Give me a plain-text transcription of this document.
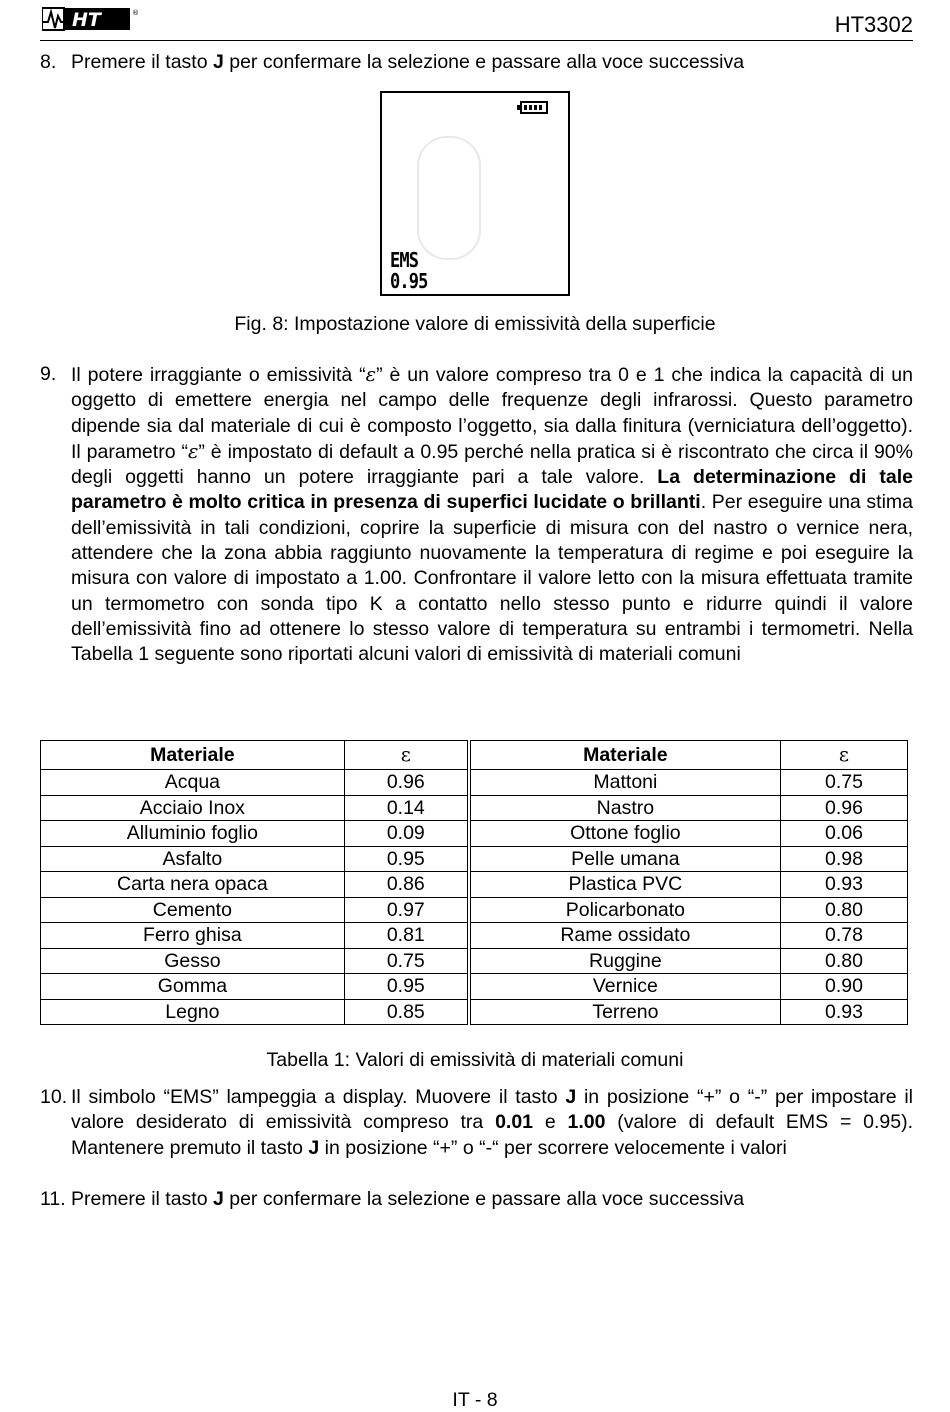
HT	®	HT3302
8. Premere il tasto J per confermare la selezione e passare alla voce successiva
EMS
0.95
Fig. 8: Impostazione valore di emissività della superficie
9. Il potere irraggiante o emissività “ε” è un valore compreso tra 0 e 1 che indica la capacità di un oggetto di emettere energia nel campo delle frequenze degli infrarossi. Questo parametro dipende sia dal materiale di cui è composto l’oggetto, sia dalla finitura (verniciatura dell’oggetto). Il parametro “ε” è impostato di default a 0.95 perché nella pratica si è riscontrato che circa il 90% degli oggetti hanno un potere irraggiante pari a tale valore. La determinazione di tale parametro è molto critica in presenza di superfici lucidate o brillanti. Per eseguire una stima dell’emissività in tali condizioni, coprire la superficie di misura con del nastro o vernice nera, attendere che la zona abbia raggiunto nuovamente la temperatura di regime e poi eseguire la misura con valore di impostato a 1.00. Confrontare il valore letto con la misura effettuata tramite un termometro con sonda tipo K a contatto nello stesso punto e ridurre quindi il valore dell’emissività fino ad ottenere lo stesso valore di temperatura su entrambi i termometri. Nella Tabella 1 seguente sono riportati alcuni valori di emissività di materiali comuni
Materiale	ε	Materiale	ε
Acqua	0.96	Mattoni	0.75
Acciaio Inox	0.14	Nastro	0.96
Alluminio foglio	0.09	Ottone foglio	0.06
Asfalto	0.95	Pelle umana	0.98
Carta nera opaca	0.86	Plastica PVC	0.93
Cemento	0.97	Policarbonato	0.80
Ferro ghisa	0.81	Rame ossidato	0.78
Gesso	0.75	Ruggine	0.80
Gomma	0.95	Vernice	0.90
Legno	0.85	Terreno	0.93
Tabella 1: Valori di emissività di materiali comuni
10. Il simbolo “EMS” lampeggia a display. Muovere il tasto J in posizione “+” o “-” per impostare il valore desiderato di emissività compreso tra 0.01 e 1.00 (valore di default EMS = 0.95). Mantenere premuto il tasto J in posizione “+” o “-“ per scorrere velocemente i valori
11. Premere il tasto J per confermare la selezione e passare alla voce successiva
IT - 8
